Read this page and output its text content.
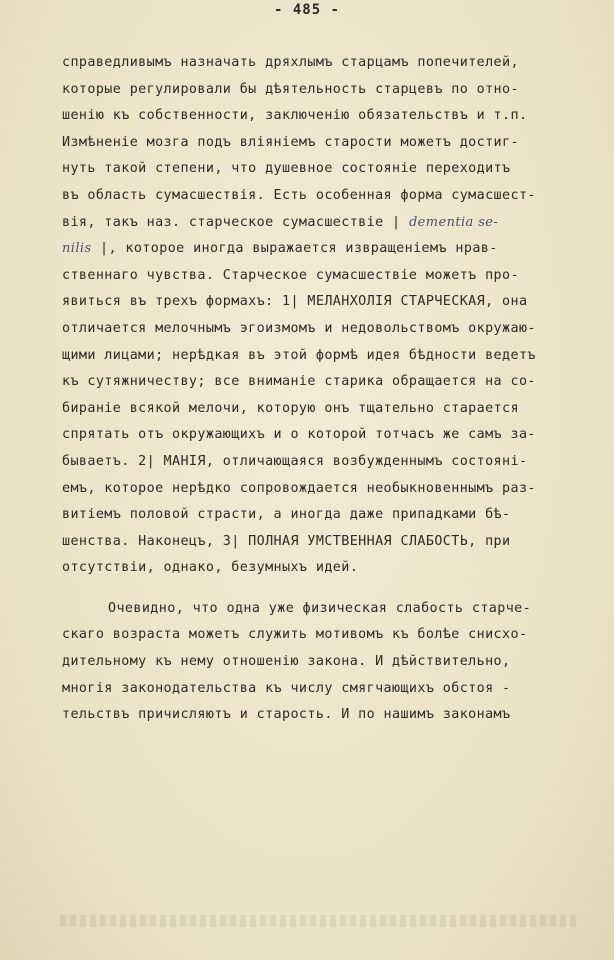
- 485 -
справедливымъ назначать дряхлымъ старцамъ попечителей,
которые регулировали бы дѣятельность старцевъ по отно-
шенію къ собственности, заключенію обязательствъ и т.п.
Измѣненіе мозга подъ вліяніемъ старости можетъ достиг-
нуть такой степени, что душевное состояніе переходитъ
въ область сумасшествія. Есть особенная форма сумасшест-
вія, такъ наз. старческое сумасшествіе | dementia se-
nilis |, которое иногда выражается извращеніемъ нрав-
ственнаго чувства. Старческое сумасшествіе можетъ про-
явиться въ трехъ формахъ: 1| МЕЛАНХОЛІЯ СТАРЧЕСКАЯ, она
отличается мелочнымъ эгоизмомъ и недовольствомъ окружаю-
щими лицами; нерѣдкая въ этой формѣ идея бѣдности ведетъ
къ сутяжничеству; все вниманіе старика обращается на со-
биранiе всякой мелочи, которую онъ тщательно старается
спрятать отъ окружающихъ и о которой тотчасъ же самъ за-
бываетъ. 2| МАНІЯ, отличающаяся возбужденнымъ состояні-
емъ, которое нерѣдко сопровождается необыкновеннымъ раз-
витіемъ половой страсти, а иногда даже припадками бѣ-
шенства. Наконецъ, 3| ПОЛНАЯ УМСТВЕННАЯ СЛАБОСТЬ, при
отсутствіи, однако, безумныхъ идей.
Очевидно, что одна уже физическая слабость старче-
скаго возраста можетъ служить мотивомъ къ болѣе снисхо-
дительному къ нему отношенію закона. И дѣйствительно,
многія законодательства къ числу смягчающихъ обстоя -
тельствъ причисляютъ и старость. И по нашимъ законамъ
